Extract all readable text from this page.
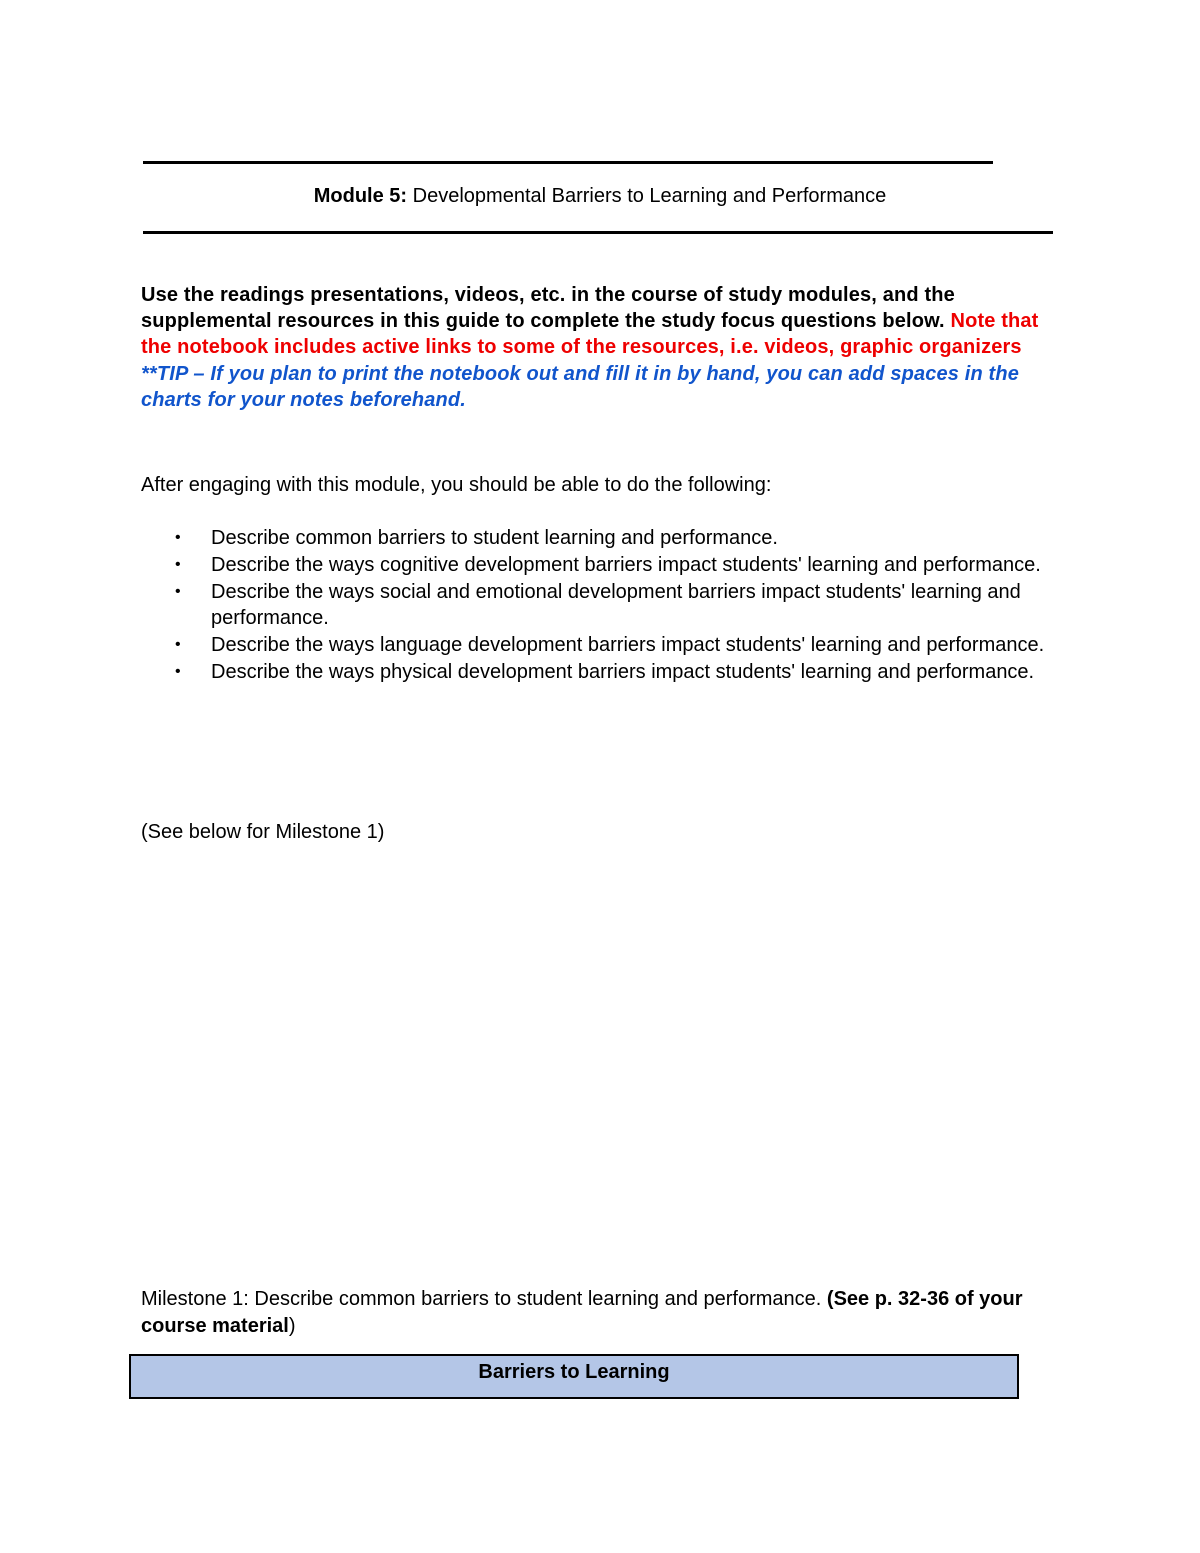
Module 5: Developmental Barriers to Learning and Performance
Use the readings presentations, videos, etc. in the course of study modules, and the supplemental resources in this guide to complete the study focus questions below. Note that the notebook includes active links to some of the resources, i.e. videos, graphic organizers
**TIP – If you plan to print the notebook out and fill it in by hand, you can add spaces in the charts for your notes beforehand.
After engaging with this module, you should be able to do the following:
• Describe common barriers to student learning and performance.
• Describe the ways cognitive development barriers impact students' learning and performance.
• Describe the ways social and emotional development barriers impact students' learning and performance.
• Describe the ways language development barriers impact students' learning and performance.
• Describe the ways physical development barriers impact students' learning and performance.
(See below for Milestone 1)
Milestone 1: Describe common barriers to student learning and performance. (See p. 32-36 of your course material)
Barriers to Learning
